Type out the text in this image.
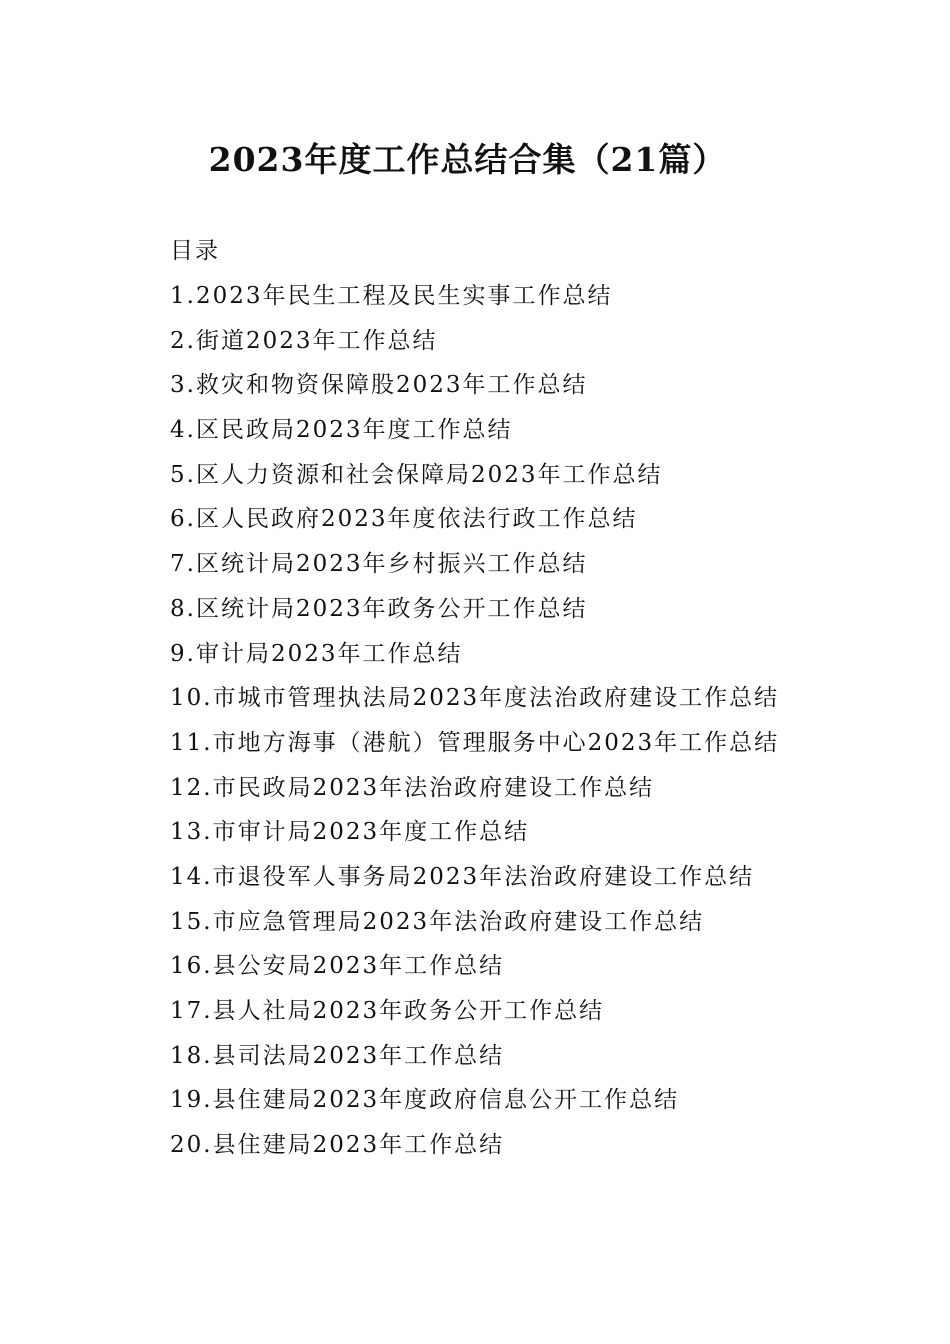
2023年度工作总结合集（21篇）
目录
1.2023年民生工程及民生实事工作总结
2.街道2023年工作总结
3.救灾和物资保障股2023年工作总结
4.区民政局2023年度工作总结
5.区人力资源和社会保障局2023年工作总结
6.区人民政府2023年度依法行政工作总结
7.区统计局2023年乡村振兴工作总结
8.区统计局2023年政务公开工作总结
9.审计局2023年工作总结
10.市城市管理执法局2023年度法治政府建设工作总结
11.市地方海事（港航）管理服务中心2023年工作总结
12.市民政局2023年法治政府建设工作总结
13.市审计局2023年度工作总结
14.市退役军人事务局2023年法治政府建设工作总结
15.市应急管理局2023年法治政府建设工作总结
16.县公安局2023年工作总结
17.县人社局2023年政务公开工作总结
18.县司法局2023年工作总结
19.县住建局2023年度政府信息公开工作总结
20.县住建局2023年工作总结
